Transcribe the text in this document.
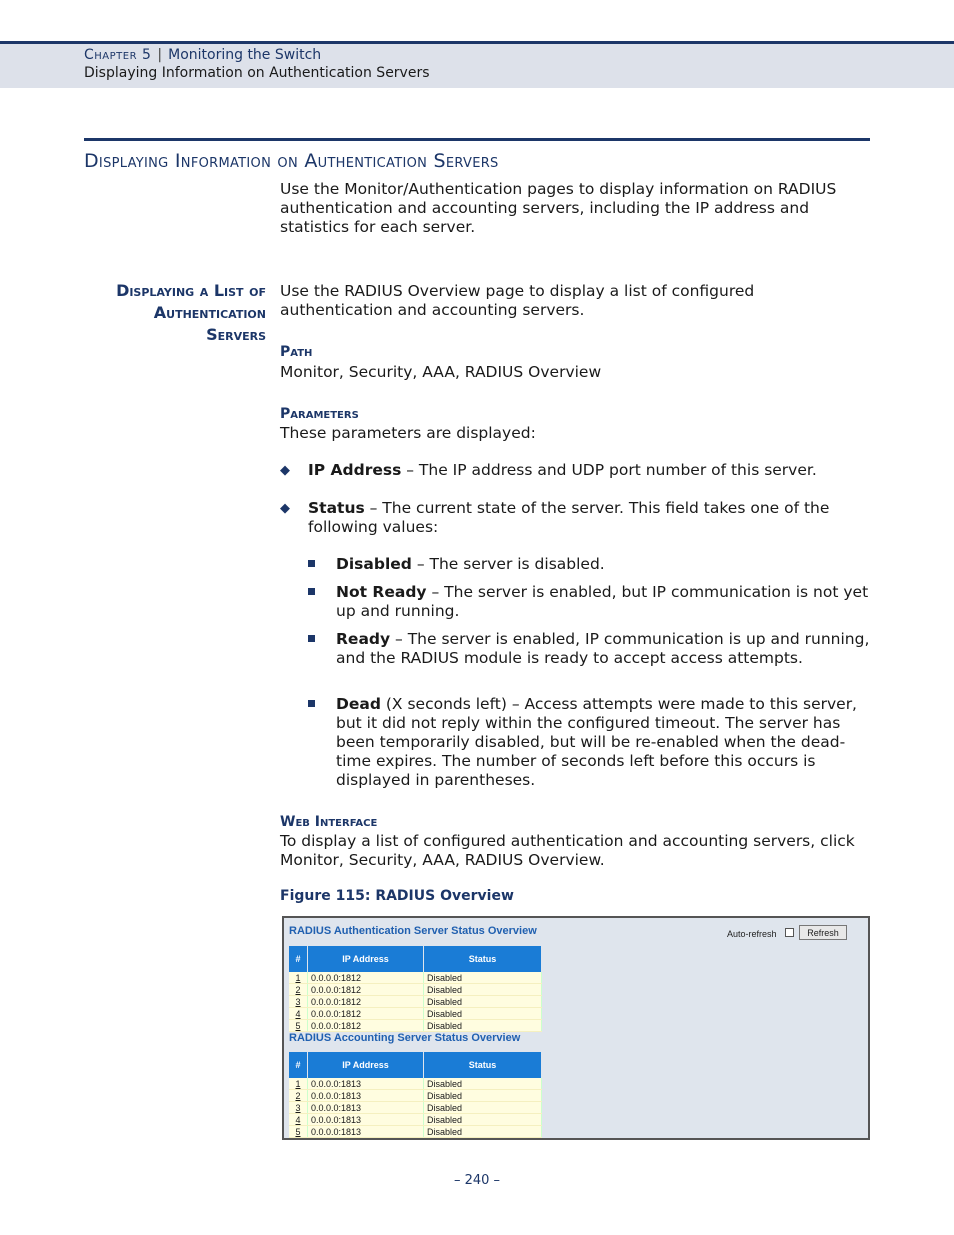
Chapter 5 | Monitoring the Switch
Displaying Information on Authentication Servers
Displaying Information on Authentication Servers
Use the Monitor/Authentication pages to display information on RADIUS authentication and accounting servers, including the IP address and statistics for each server.
Displaying a List of
Authentication
Servers
Use the RADIUS Overview page to display a list of configured authentication and accounting servers.
Path
Monitor, Security, AAA, RADIUS Overview
Parameters
These parameters are displayed:
◆ IP Address – The IP address and UDP port number of this server.
◆ Status – The current state of the server. This field takes one of the following values:
Disabled – The server is disabled.
Not Ready – The server is enabled, but IP communication is not yet up and running.
Ready – The server is enabled, IP communication is up and running, and the RADIUS module is ready to accept access attempts.
Dead (X seconds left) – Access attempts were made to this server, but it did not reply within the configured timeout. The server has been temporarily disabled, but will be re-enabled when the dead-time expires. The number of seconds left before this occurs is displayed in parentheses.
Web Interface
To display a list of configured authentication and accounting servers, click Monitor, Security, AAA, RADIUS Overview.
Figure 115: RADIUS Overview
RADIUS Authentication Server Status Overview	Auto-refresh	Refresh
#	IP Address	Status
1	0.0.0.0:1812	Disabled
2	0.0.0.0:1812	Disabled
3	0.0.0.0:1812	Disabled
4	0.0.0.0:1812	Disabled
5	0.0.0.0:1812	Disabled
RADIUS Accounting Server Status Overview
#	IP Address	Status
1	0.0.0.0:1813	Disabled
2	0.0.0.0:1813	Disabled
3	0.0.0.0:1813	Disabled
4	0.0.0.0:1813	Disabled
5	0.0.0.0:1813	Disabled
– 240 –
